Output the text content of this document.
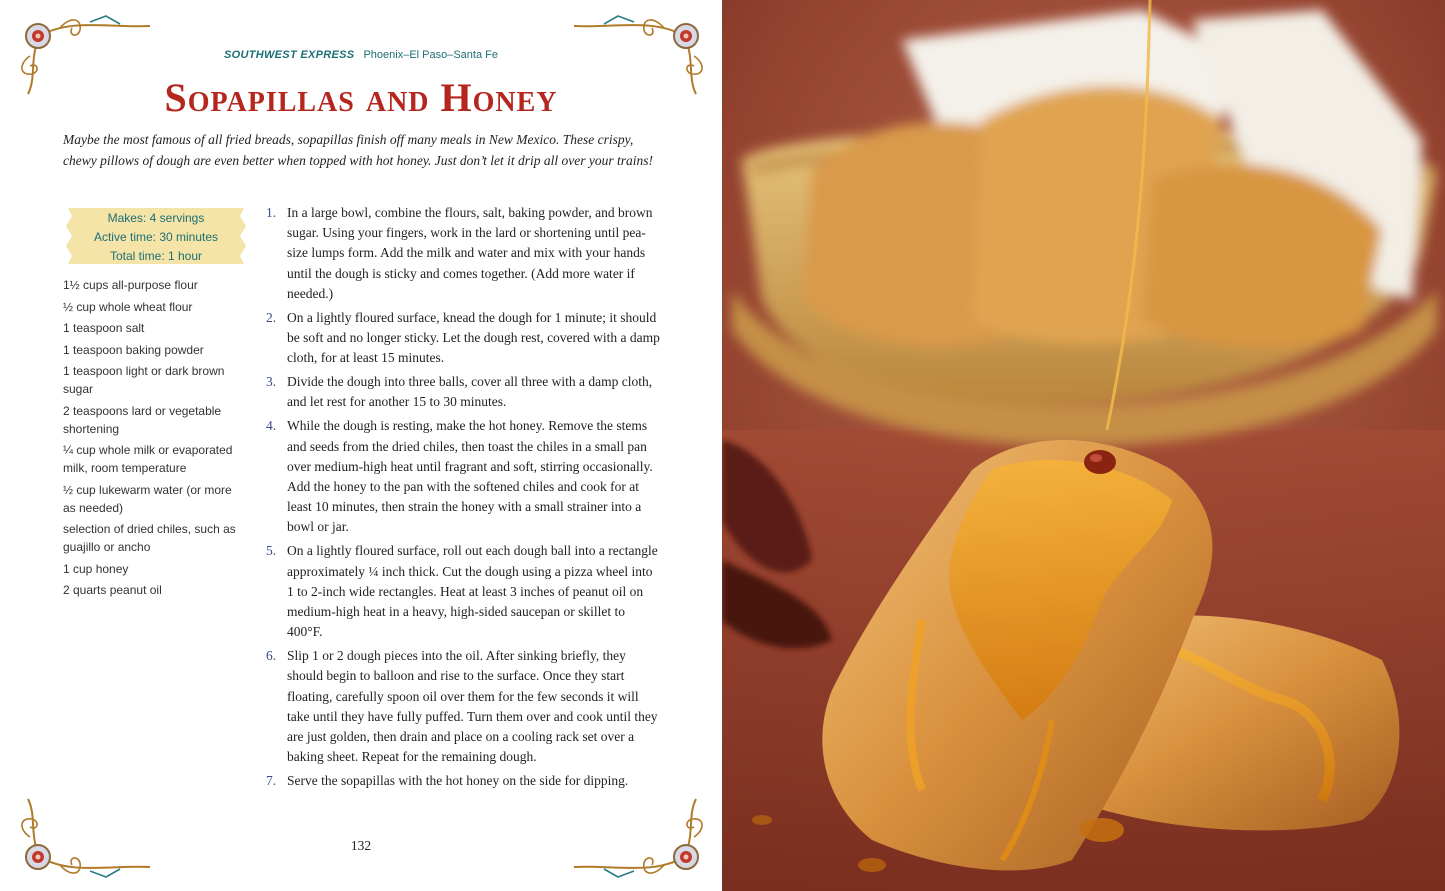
SOUTHWEST EXPRESS Phoenix–El Paso–Santa Fe
Sopapillas and Honey

Maybe the most famous of all fried breads, sopapillas finish off many meals in New Mexico. These crispy, chewy pillows of dough are even better when topped with hot honey. Just don’t let it drip all over your trains!

Makes: 4 servings
Active time: 30 minutes
Total time: 1 hour
1½ cups all-purpose flour
½ cup whole wheat flour
1 teaspoon salt
1 teaspoon baking powder
1 teaspoon light or dark brown sugar
2 teaspoons lard or vegetable shortening
¼ cup whole milk or evaporated milk, room temperature
½ cup lukewarm water (or more as needed)
selection of dried chiles, such as guajillo or ancho
1 cup honey
2 quarts peanut oil
1. In a large bowl, combine the flours, salt, baking powder, and brown sugar. Using your fingers, work in the lard or shortening until pea-size lumps form. Add the milk and water and mix with your hands until the dough is sticky and comes together. (Add more water if needed.)
2. On a lightly floured surface, knead the dough for 1 minute; it should be soft and no longer sticky. Let the dough rest, covered with a damp cloth, for at least 15 minutes.
3. Divide the dough into three balls, cover all three with a damp cloth, and let rest for another 15 to 30 minutes.
4. While the dough is resting, make the hot honey. Remove the stems and seeds from the dried chiles, then toast the chiles in a small pan over medium-high heat until fragrant and soft, stirring occasionally. Add the honey to the pan with the softened chiles and cook for at least 10 minutes, then strain the honey with a small strainer into a bowl or jar.
5. On a lightly floured surface, roll out each dough ball into a rectangle approximately ¼ inch thick. Cut the dough using a pizza wheel into 1 to 2-inch wide rectangles. Heat at least 3 inches of peanut oil on medium-high heat in a heavy, high-sided saucepan or skillet to 400°F.
6. Slip 1 or 2 dough pieces into the oil. After sinking briefly, they should begin to balloon and rise to the surface. Once they start floating, carefully spoon oil over them for the few seconds it will take until they have fully puffed. Turn them over and cook until they are just golden, then drain and place on a cooling rack set over a baking sheet. Repeat for the remaining dough.
7. Serve the sopapillas with the hot honey on the side for dipping.
132
